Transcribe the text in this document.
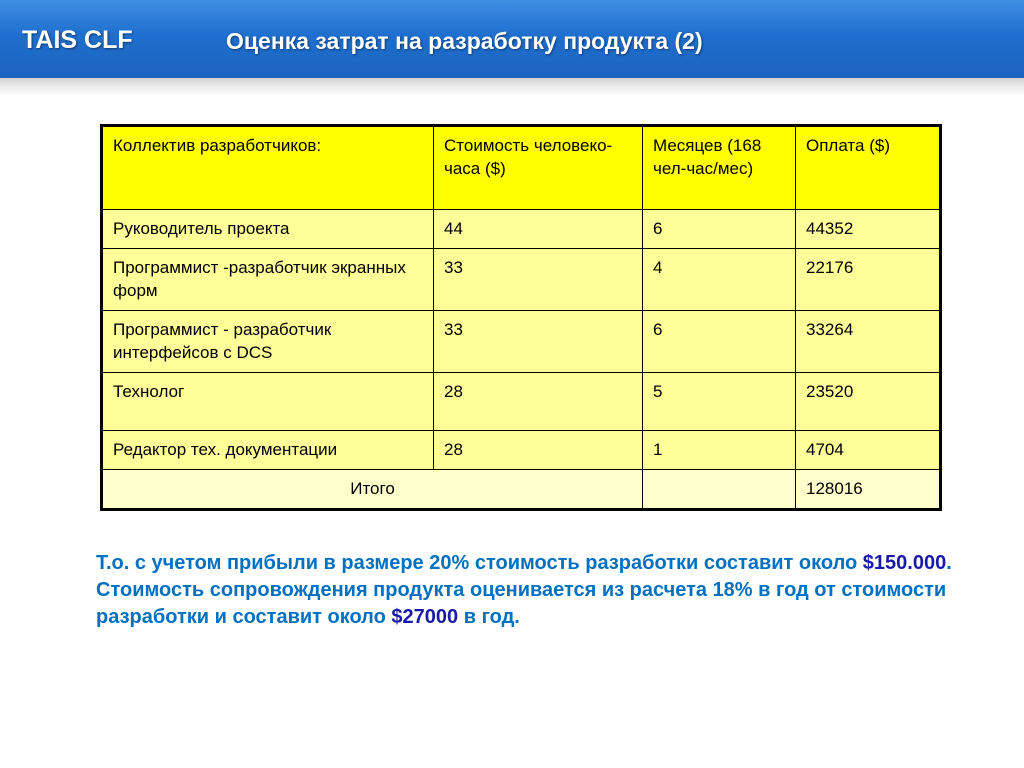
TAIS CLF	Оценка затрат на разработку продукта (2)
Коллектив разработчиков:	Стоимость человеко-часа ($)	Месяцев (168 чел-час/мес)	Оплата ($)
Руководитель проекта	44	6	44352
Программист -разработчик экранных форм	33	4	22176
Программист - разработчик интерфейсов с DCS	33	6	33264
Технолог	28	5	23520
Редактор тех. документации	28	1	4704
Итого			128016

Т.о. с учетом прибыли в размере 20% стоимость разработки составит около $150.000.

Стоимость сопровождения продукта оценивается из расчета 18% в год от стоимости разработки и составит около $27000 в год.
